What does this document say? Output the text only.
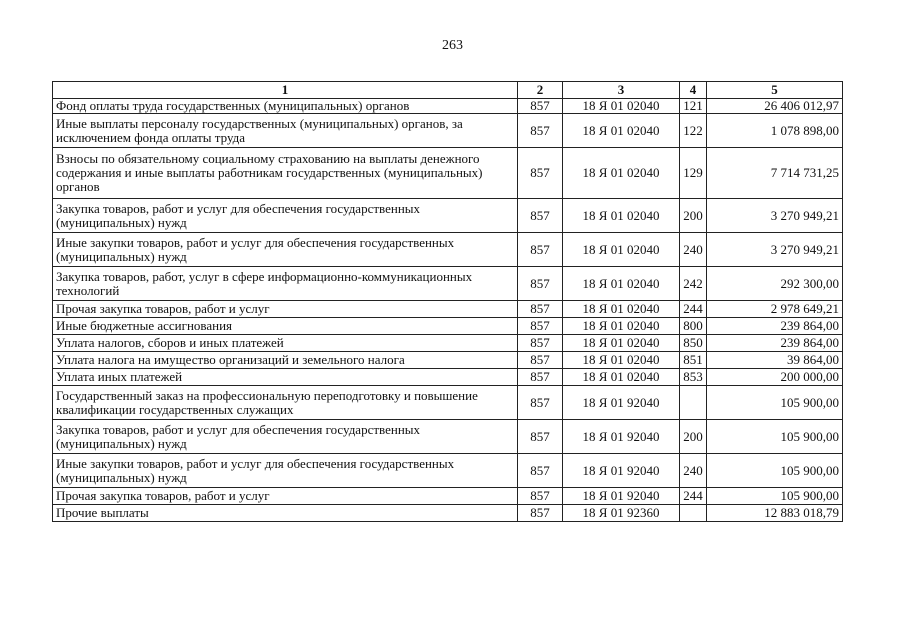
263
1	2	3	4	5
Фонд оплаты труда государственных (муниципальных) органов	857	18 Я 01 02040	121	26 406 012,97
Иные выплаты персоналу государственных (муниципальных) органов, за исключением фонда оплаты труда	857	18 Я 01 02040	122	1 078 898,00
Взносы по обязательному социальному страхованию на выплаты денежного содержания и иные выплаты работникам государственных (муниципальных) органов	857	18 Я 01 02040	129	7 714 731,25
Закупка товаров, работ и услуг для обеспечения государственных (муниципальных) нужд	857	18 Я 01 02040	200	3 270 949,21
Иные закупки товаров, работ и услуг для обеспечения государственных (муниципальных) нужд	857	18 Я 01 02040	240	3 270 949,21
Закупка товаров, работ, услуг в сфере информационно-коммуникационных технологий	857	18 Я 01 02040	242	292 300,00
Прочая закупка товаров, работ и услуг	857	18 Я 01 02040	244	2 978 649,21
Иные бюджетные ассигнования	857	18 Я 01 02040	800	239 864,00
Уплата налогов, сборов и иных платежей	857	18 Я 01 02040	850	239 864,00
Уплата налога на имущество организаций и земельного налога	857	18 Я 01 02040	851	39 864,00
Уплата иных платежей	857	18 Я 01 02040	853	200 000,00
Государственный заказ на профессиональную переподготовку и повышение квалификации государственных служащих	857	18 Я 01 92040		105 900,00
Закупка товаров, работ и услуг для обеспечения государственных (муниципальных) нужд	857	18 Я 01 92040	200	105 900,00
Иные закупки товаров, работ и услуг для обеспечения государственных (муниципальных) нужд	857	18 Я 01 92040	240	105 900,00
Прочая закупка товаров, работ и услуг	857	18 Я 01 92040	244	105 900,00
Прочие выплаты	857	18 Я 01 92360		12 883 018,79
